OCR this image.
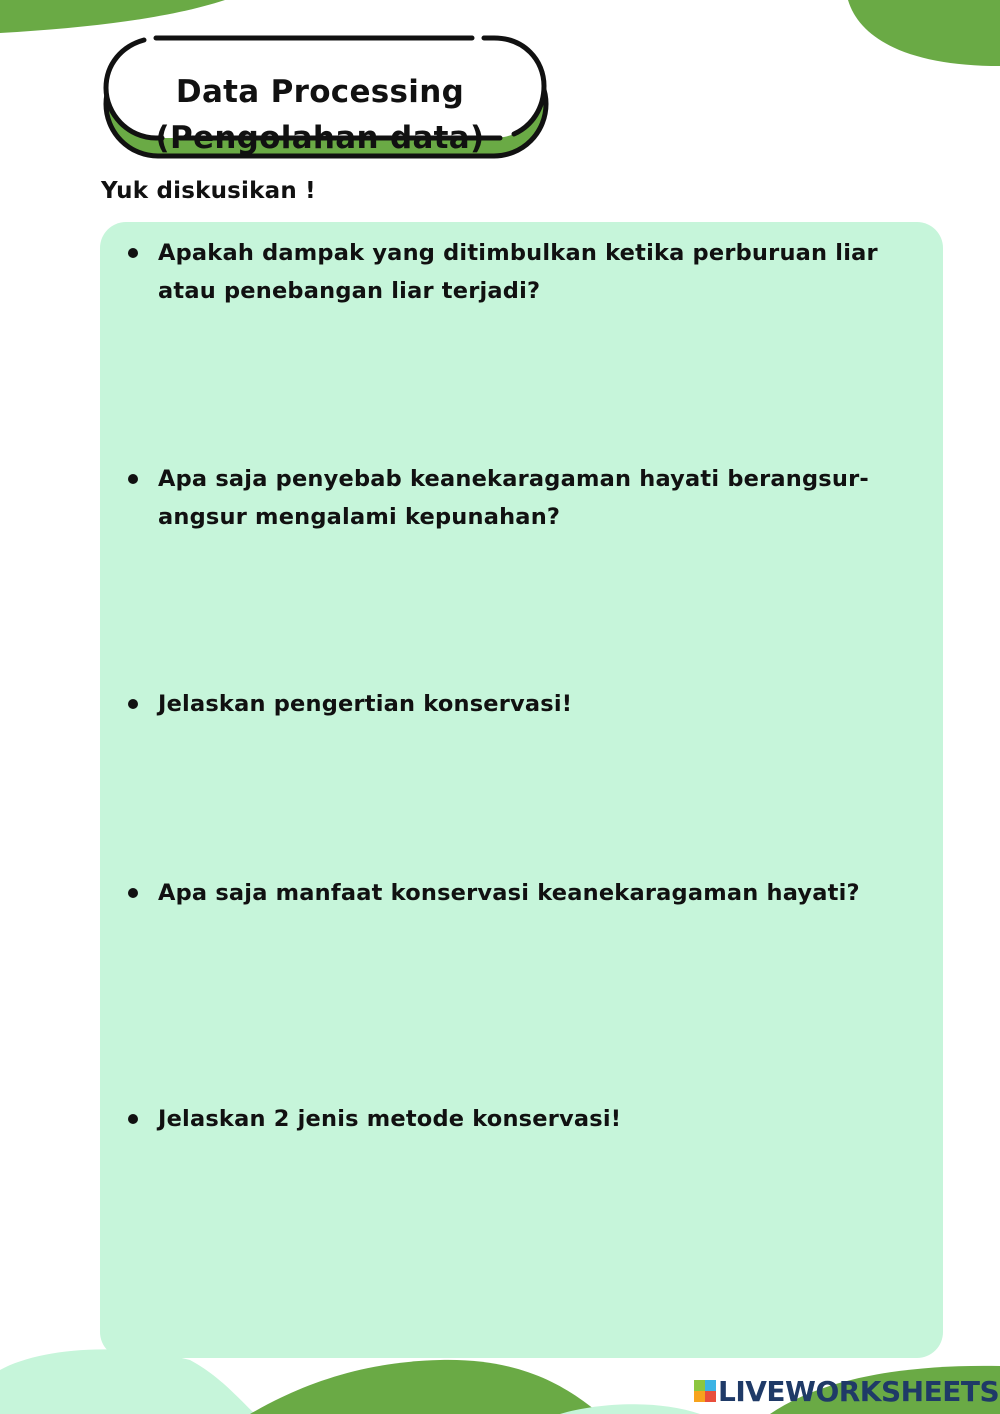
Data Processing
(Pengolahan data)
Yuk diskusikan !
Apakah dampak yang ditimbulkan ketika perburuan liar atau penebangan liar terjadi?
Apa saja penyebab keanekaragaman hayati berangsur-angsur mengalami kepunahan?
Jelaskan pengertian konservasi!
Apa saja manfaat konservasi keanekaragaman hayati?
Jelaskan 2 jenis metode konservasi!
LIVEWORKSHEETS
